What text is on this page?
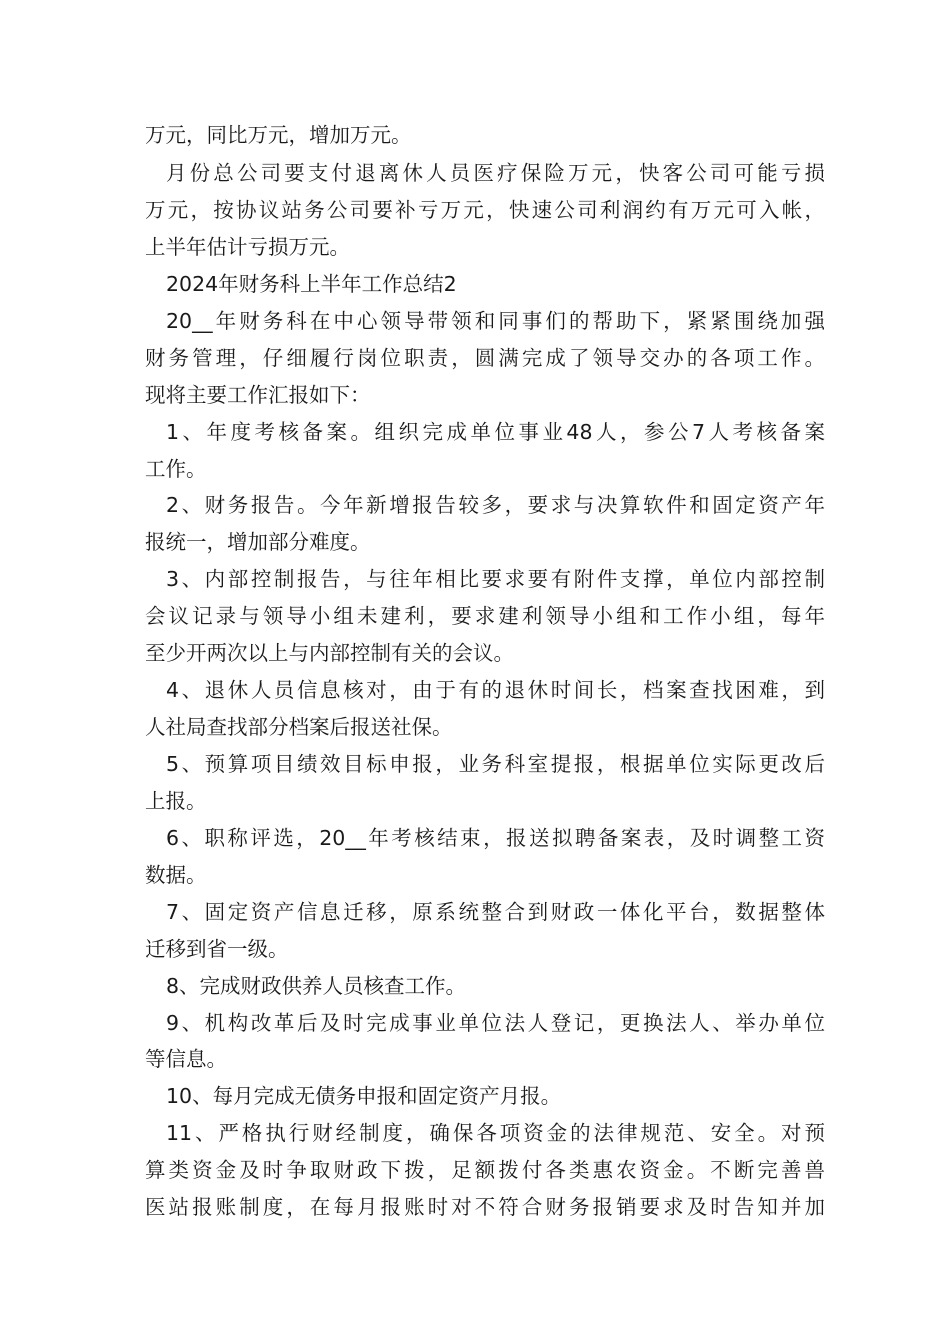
万元，同比万元，增加万元。
月份总公司要支付退离休人员医疗保险万元，快客公司可能亏损
万元，按协议站务公司要补亏万元，快速公司利润约有万元可入帐，
上半年估计亏损万元。
2024年财务科上半年工作总结2
20__年财务科在中心领导带领和同事们的帮助下，紧紧围绕加强
财务管理，仔细履行岗位职责，圆满完成了领导交办的各项工作。
现将主要工作汇报如下：
1、年度考核备案。组织完成单位事业48人，参公7人考核备案
工作。
2、财务报告。今年新增报告较多，要求与决算软件和固定资产年
报统一，增加部分难度。
3、内部控制报告，与往年相比要求要有附件支撑，单位内部控制
会议记录与领导小组未建利，要求建利领导小组和工作小组，每年
至少开两次以上与内部控制有关的会议。
4、退休人员信息核对，由于有的退休时间长，档案查找困难，到
人社局查找部分档案后报送社保。
5、预算项目绩效目标申报，业务科室提报，根据单位实际更改后
上报。
6、职称评选，20__年考核结束，报送拟聘备案表，及时调整工资
数据。
7、固定资产信息迁移，原系统整合到财政一体化平台，数据整体
迁移到省一级。
8、完成财政供养人员核查工作。
9、机构改革后及时完成事业单位法人登记，更换法人、举办单位
等信息。
10、每月完成无债务申报和固定资产月报。
11、严格执行财经制度，确保各项资金的法律规范、安全。对预
算类资金及时争取财政下拨，足额拨付各类惠农资金。不断完善兽
医站报账制度，在每月报账时对不符合财务报销要求及时告知并加
